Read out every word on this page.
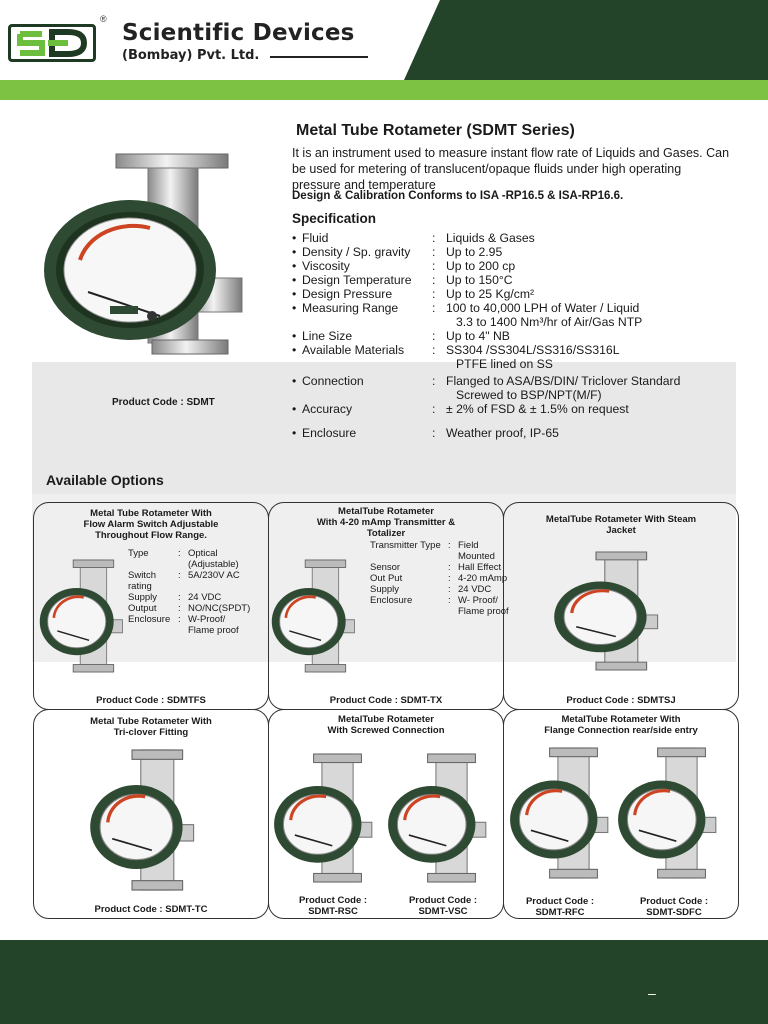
®
Scientific Devices
(Bombay) Pvt. Ltd.
Product Code : SDMT
Metal Tube Rotameter (SDMT Series)
It is an instrument used to measure instant flow rate of Liquids and Gases. Can be used for metering of translucent/opaque fluids under high operating pressure and temperature
Design & Calibration Conforms to ISA -RP16.5 & ISA-RP16.6.
Specification
• Fluid	: Liquids & Gases
• Density / Sp. gravity	: Up to 2.95
• Viscosity	: Up to 200 cp
• Design Temperature	: Up to 150°C
• Design Pressure	: Up to 25 Kg/cm²
• Measuring Range	: 100 to 40,000 LPH of Water / Liquid
3.3 to 1400 Nm³/hr of Air/Gas NTP
• Line Size	: Up to 4" NB
• Available Materials	: SS304 /SS304L/SS316/SS316L
PTFE lined on SS
• Connection	: Flanged to ASA/BS/DIN/ Triclover Standard
Screwed to BSP/NPT(M/F)
• Accuracy	: ± 2% of FSD & ± 1.5% on request
• Enclosure	: Weather proof, IP-65
Available Options
Metal Tube Rotameter With
Flow Alarm Switch Adjustable
Throughout Flow Range.
MetalTube Rotameter
With 4-20 mAmp Transmitter &
Totalizer
MetalTube Rotameter With Steam
Jacket
Metal Tube Rotameter With
Tri-clover Fitting
MetalTube Rotameter
With Screwed Connection
MetalTube Rotameter With
Flange Connection rear/side entry
Type	: Optical
(Adjustable)
Switch rating
: 5A/230V AC
Supply	: 24 VDC
Output	: NO/NC(SPDT)
Enclosure : W-Proof/
Flame proof
Transmitter Type : Field
Mounted
Sensor	: Hall Effect
Out Put	: 4-20 mAmp
Supply	: 24 VDC
Enclosure	: W- Proof/
Flame proof
Product Code : SDMTFS	Product Code : SDMT-TX	Product Code : SDMTSJ
Product Code : SDMT-TC
Product Code :
SDMT-RSC
Product Code :
SDMT-VSC
Product Code :
SDMT-RFC
Product Code :
SDMT-SDFC
–
